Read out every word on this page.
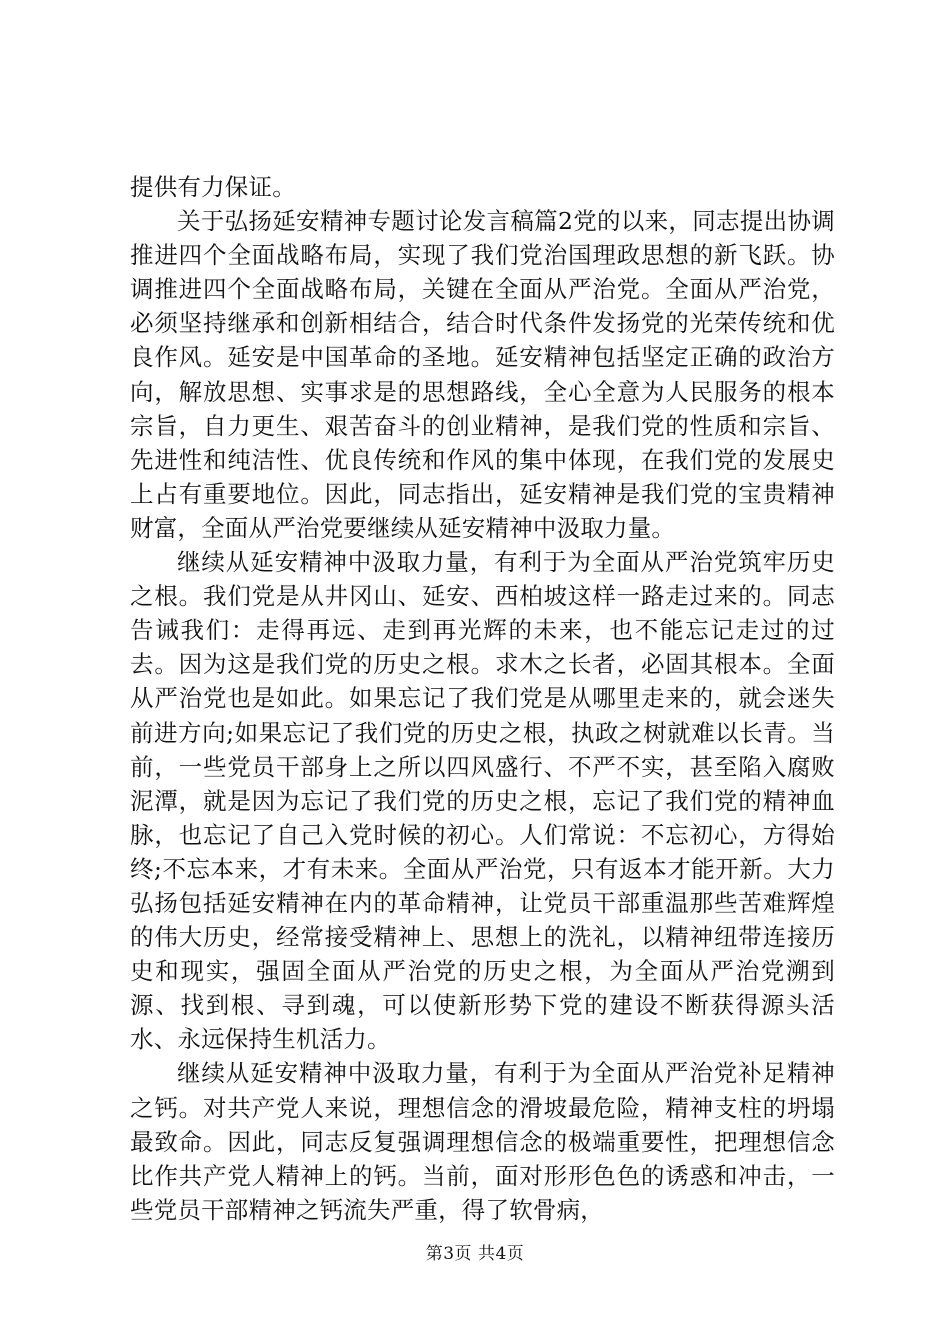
提供有力保证。

关于弘扬延安精神专题讨论发言稿篇2党的以来，同志提出协调推进四个全面战略布局，实现了我们党治国理政思想的新飞跃。协调推进四个全面战略布局，关键在全面从严治党。全面从严治党，必须坚持继承和创新相结合，结合时代条件发扬党的光荣传统和优良作风。延安是中国革命的圣地。延安精神包括坚定正确的政治方向，解放思想、实事求是的思想路线，全心全意为人民服务的根本宗旨，自力更生、艰苦奋斗的创业精神，是我们党的性质和宗旨、先进性和纯洁性、优良传统和作风的集中体现，在我们党的发展史上占有重要地位。因此，同志指出，延安精神是我们党的宝贵精神财富，全面从严治党要继续从延安精神中汲取力量。

继续从延安精神中汲取力量，有利于为全面从严治党筑牢历史之根。我们党是从井冈山、延安、西柏坡这样一路走过来的。同志告诫我们：走得再远、走到再光辉的未来，也不能忘记走过的过去。因为这是我们党的历史之根。求木之长者，必固其根本。全面从严治党也是如此。如果忘记了我们党是从哪里走来的，就会迷失前进方向;如果忘记了我们党的历史之根，执政之树就难以长青。当前，一些党员干部身上之所以四风盛行、不严不实，甚至陷入腐败泥潭，就是因为忘记了我们党的历史之根，忘记了我们党的精神血脉，也忘记了自己入党时候的初心。人们常说：不忘初心，方得始终;不忘本来，才有未来。全面从严治党，只有返本才能开新。大力弘扬包括延安精神在内的革命精神，让党员干部重温那些苦难辉煌的伟大历史，经常接受精神上、思想上的洗礼，以精神纽带连接历史和现实，强固全面从严治党的历史之根，为全面从严治党溯到源、找到根、寻到魂，可以使新形势下党的建设不断获得源头活水、永远保持生机活力。

继续从延安精神中汲取力量，有利于为全面从严治党补足精神之钙。对共产党人来说，理想信念的滑坡最危险，精神支柱的坍塌最致命。因此，同志反复强调理想信念的极端重要性，把理想信念比作共产党人精神上的钙。当前，面对形形色色的诱惑和冲击，一些党员干部精神之钙流失严重，得了软骨病，

第3页 共4页
